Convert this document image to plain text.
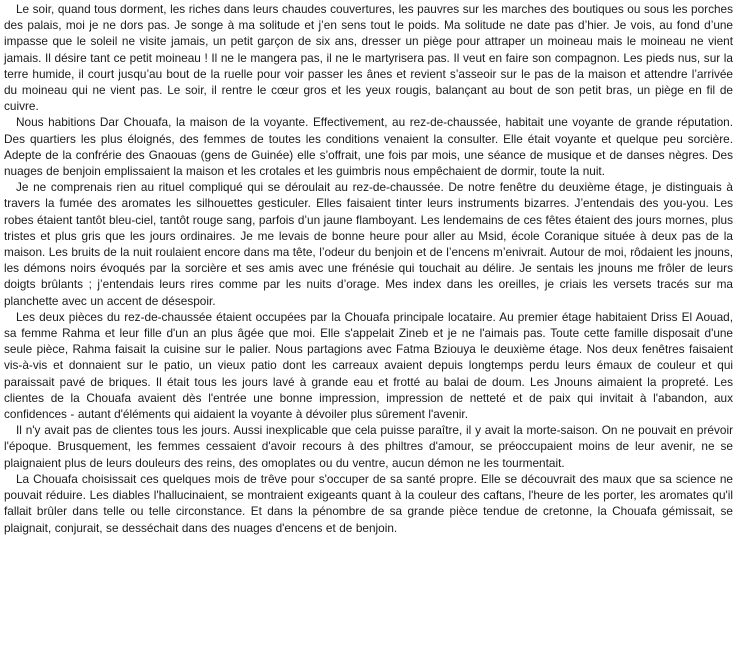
Le soir, quand tous dorment, les riches dans leurs chaudes couvertures, les pauvres sur les marches des boutiques ou sous les porches des palais, moi je ne dors pas. Je songe à ma solitude et j’en sens tout le poids. Ma solitude ne date pas d’hier. Je vois, au fond d’une impasse que le soleil ne visite jamais, un petit garçon de six ans, dresser un piège pour attraper un moineau mais le moineau ne vient jamais. Il désire tant ce petit moineau ! Il ne le mangera pas, il ne le martyrisera pas. Il veut en faire son compagnon. Les pieds nus, sur la terre humide, il court jusqu’au bout de la ruelle pour voir passer les ânes et revient s’asseoir sur le pas de la maison et attendre l’arrivée du moineau qui ne vient pas. Le soir, il rentre le cœur gros et les yeux rougis, balançant au bout de son petit bras, un piège en fil de cuivre.

Nous habitions Dar Chouafa, la maison de la voyante. Effectivement, au rez-de-chaussée, habitait une voyante de grande réputation. Des quartiers les plus éloignés, des femmes de toutes les conditions venaient la consulter. Elle était voyante et quelque peu sorcière. Adepte de la confrérie des Gnaouas (gens de Guinée) elle s’offrait, une fois par mois, une séance de musique et de danses nègres. Des nuages de benjoin emplissaient la maison et les crotales et les guimbris nous empêchaient de dormir, toute la nuit.

Je ne comprenais rien au rituel compliqué qui se déroulait au rez-de-chaussée. De notre fenêtre du deuxième étage, je distinguais à travers la fumée des aromates les silhouettes gesticuler. Elles faisaient tinter leurs instruments bizarres. J’entendais des you-you. Les robes étaient tantôt bleu-ciel, tantôt rouge sang, parfois d’un jaune flamboyant. Les lendemains de ces fêtes étaient des jours mornes, plus tristes et plus gris que les jours ordinaires. Je me levais de bonne heure pour aller au Msid, école Coranique située à deux pas de la maison. Les bruits de la nuit roulaient encore dans ma tête, l’odeur du benjoin et de l’encens m’enivrait. Autour de moi, rôdaient les jnouns, les démons noirs évoqués par la sorcière et ses amis avec une frénésie qui touchait au délire. Je sentais les jnouns me frôler de leurs doigts brûlants ; j’entendais leurs rires comme par les nuits d’orage. Mes index dans les oreilles, je criais les versets tracés sur ma planchette avec un accent de désespoir.

Les deux pièces du rez-de-chaussée étaient occupées par la Chouafa principale locataire. Au premier étage habitaient Driss El Aouad, sa femme Rahma et leur fille d'un an plus âgée que moi. Elle s'appelait Zineb et je ne l'aimais pas. Toute cette famille disposait d'une seule pièce, Rahma faisait la cuisine sur le palier. Nous partagions avec Fatma Bziouya le deuxième étage. Nos deux fenêtres faisaient vis-à-vis et donnaient sur le patio, un vieux patio dont les carreaux avaient depuis longtemps perdu leurs émaux de couleur et qui paraissait pavé de briques. Il était tous les jours lavé à grande eau et frotté au balai de doum. Les Jnouns aimaient la propreté. Les clientes de la Chouafa avaient dès l'entrée une bonne impression, impression de netteté et de paix qui invitait à l'abandon, aux confidences - autant d'éléments qui aidaient la voyante à dévoiler plus sûrement l'avenir.

Il n'y avait pas de clientes tous les jours. Aussi inexplicable que cela puisse paraître, il y avait la morte-saison. On ne pouvait en prévoir l'époque. Brusquement, les femmes cessaient d'avoir recours à des philtres d'amour, se préoccupaient moins de leur avenir, ne se plaignaient plus de leurs douleurs des reins, des omoplates ou du ventre, aucun démon ne les tourmentait.

La Chouafa choisissait ces quelques mois de trêve pour s'occuper de sa santé propre. Elle se découvrait des maux que sa science ne pouvait réduire. Les diables l'hallucinaient, se montraient exigeants quant à la couleur des caftans, l'heure de les porter, les aromates qu'il fallait brûler dans telle ou telle circonstance. Et dans la pénombre de sa grande pièce tendue de cretonne, la Chouafa gémissait, se plaignait, conjurait, se desséchait dans des nuages d'encens et de benjoin.
